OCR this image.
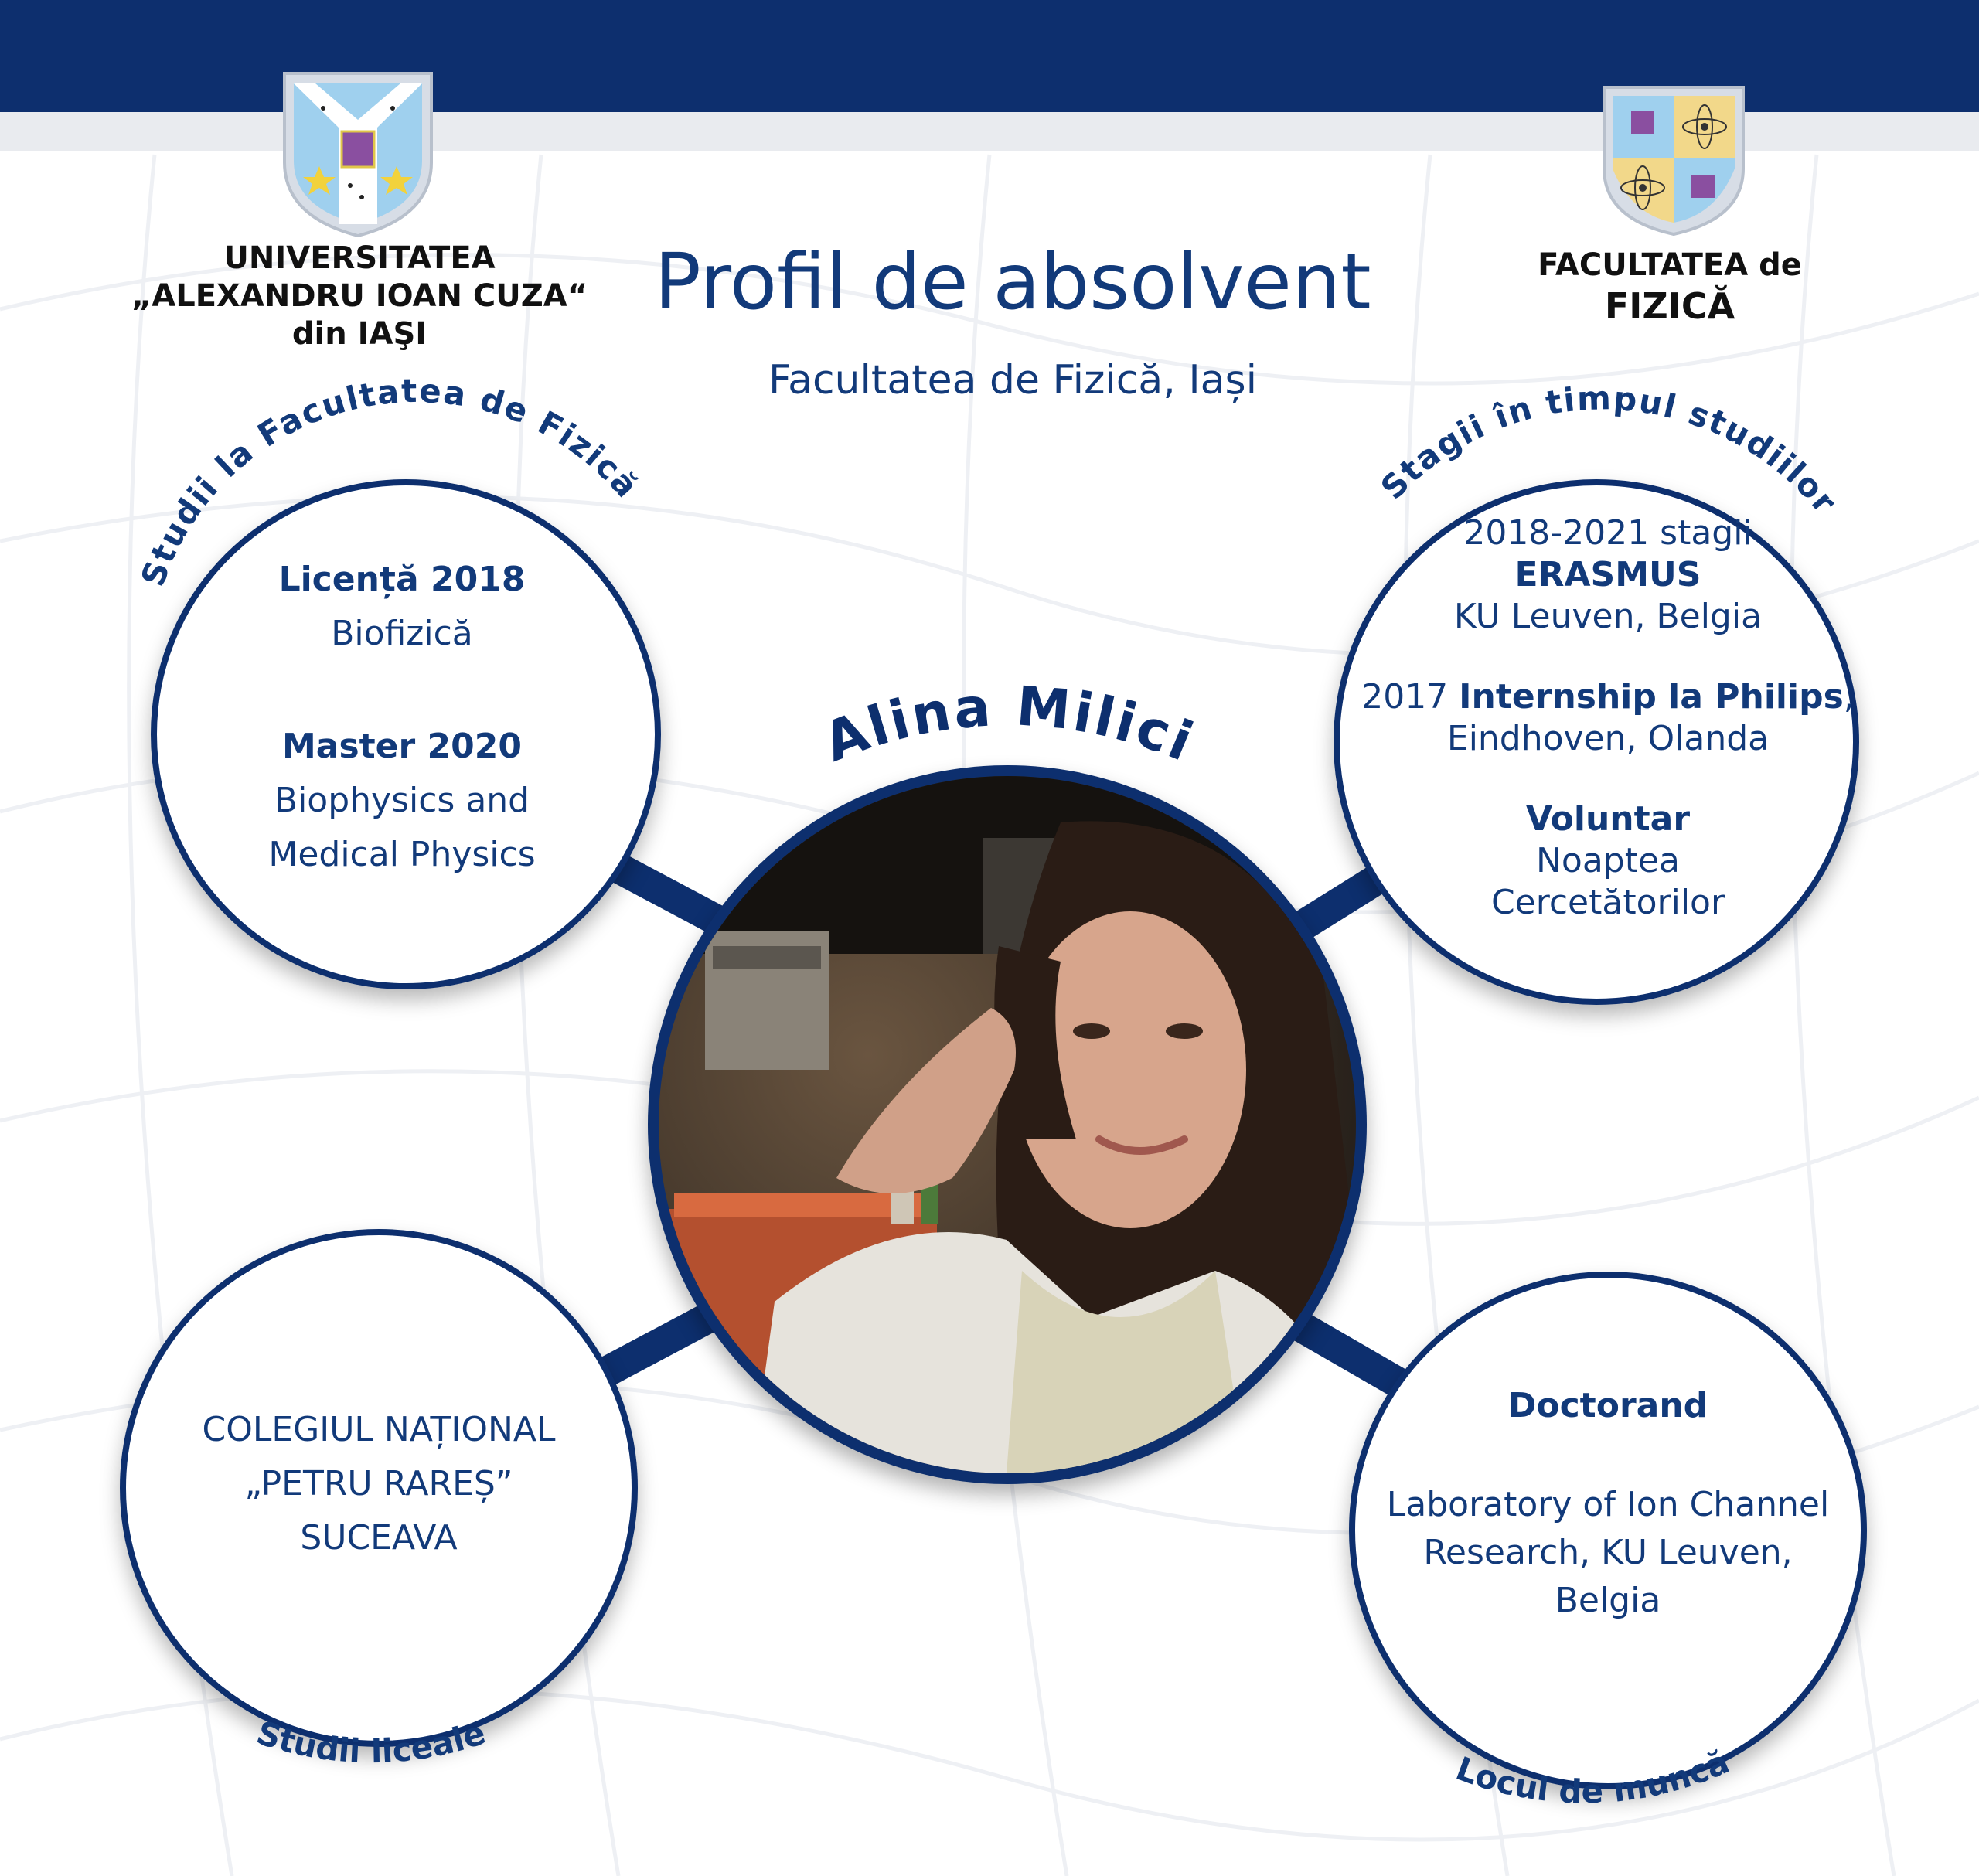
UNIVERSITATEA
„ALEXANDRU IOAN CUZA“
din IAŞI
FACULTATEA de
FIZICĂ
Profil de absolvent
Facultatea de Fizică, Iași
Licență 2018
Biofizică
Master 2020
Biophysics and
Medical Physics
2018-2021 stagii
ERASMUS
KU Leuven, Belgia
2017 Internship la Philips,
Eindhoven, Olanda
Voluntar
Noaptea
Cercetătorilor
COLEGIUL NAȚIONAL
„PETRU RAREȘ”
SUCEAVA
Doctorand
Laboratory of Ion Channel
Research, KU Leuven,
Belgia
Studii la Facultatea de Fizică	Stagii în timpul studiilor
Studii liceale
Locul de muncă
Alina Milici
